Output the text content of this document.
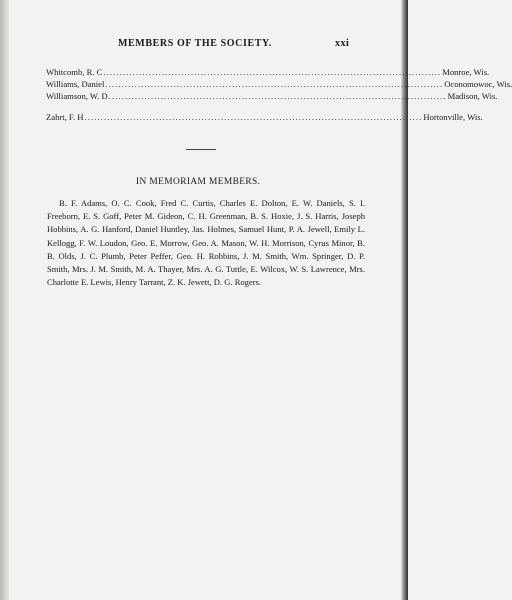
MEMBERS OF THE SOCIETY.	xxi
Whitcomb, R. C ........................................................................................................ Monroe, Wis.
Williams, Daniel ........................................................................................................ Oconomowoc, Wis.
Williamson, W. D ........................................................................................................ Madison, Wis.
Zahrt, F. H ........................................................................................................ Hortonville, Wis.
IN MEMORIAM MEMBERS.
B. F. Adams, O. C. Cook, Fred C. Curtis, Charles E. Dolton, E. W. Daniels, S. I. Freeborn, E. S. Goff, Peter M. Gideon, C. H. Greenman, B. S. Hoxie, J. S. Harris, Joseph Hobbins, A. G. Hanford, Daniel Huntley, Jas. Holmes, Samuel Hunt, P. A. Jewell, Emily L. Kellogg, F. W. Loudon, Geo. E. Morrow, Geo. A. Mason, W. H. Morrison, Cyrus Minor, B. B. Olds, J. C. Plumb, Peter Peffer, Geo. H. Robbins, J. M. Smith, Wm. Springer, D. P. Smith, Mrs. J. M. Smith, M. A. Thayer, Mrs. A. G. Tuttle, E. Wilcox, W. S. Lawrence, Mrs. Charlotte E. Lewis, Henry Tarrant, Z. K. Jewett, D. G. Rogers.
